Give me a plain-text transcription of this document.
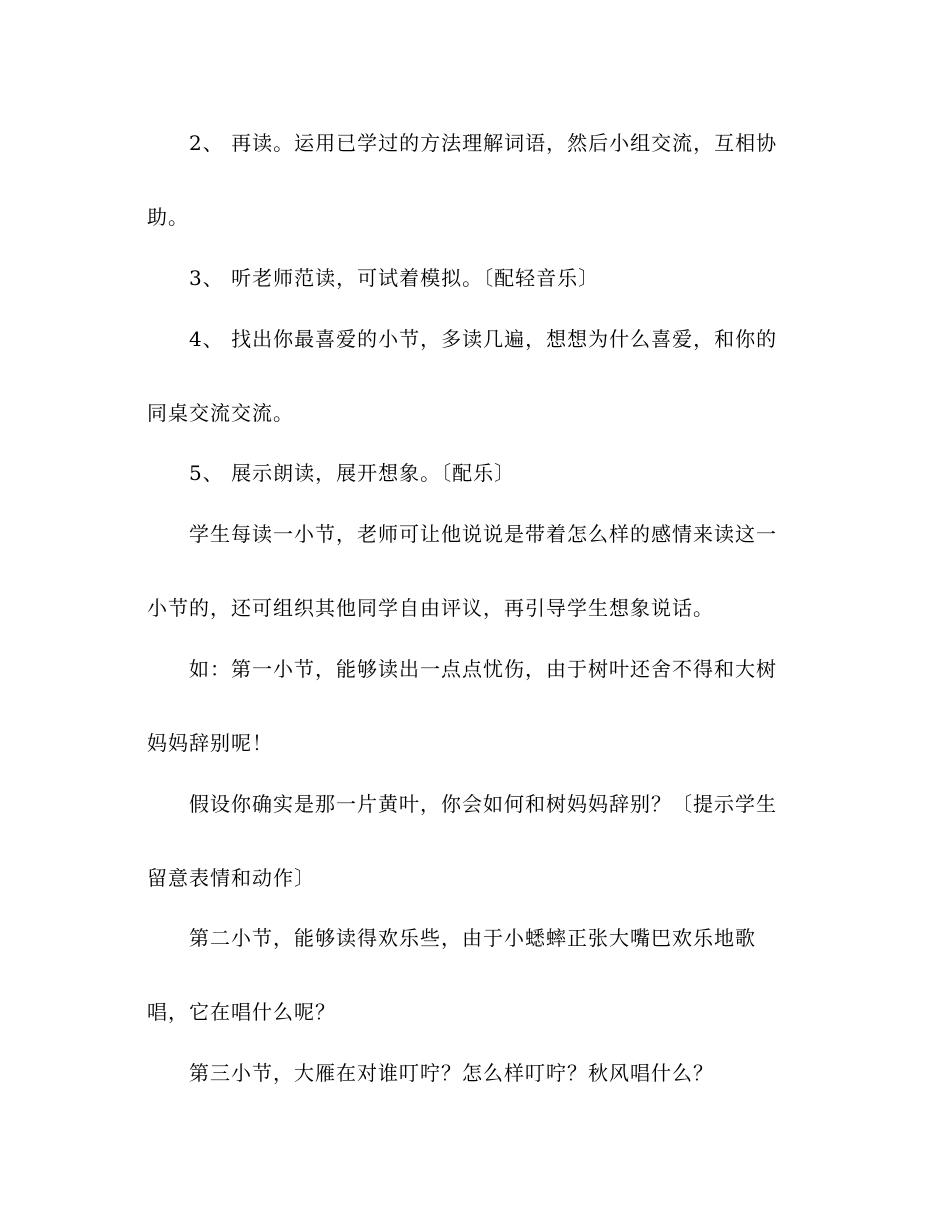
2、 再读。运用已学过的方法理解词语，然后小组交流，互相协
助。
3、 听老师范读，可试着模拟。〔配轻音乐〕
4、 找出你最喜爱的小节，多读几遍，想想为什么喜爱，和你的
同桌交流交流。
5、 展示朗读，展开想象。〔配乐〕
学生每读一小节，老师可让他说说是带着怎么样的感情来读这一
小节的，还可组织其他同学自由评议，再引导学生想象说话。
如：第一小节，能够读出一点点忧伤，由于树叶还舍不得和大树
妈妈辞别呢！
假设你确实是那一片黄叶，你会如何和树妈妈辞别？〔提示学生
留意表情和动作〕
第二小节，能够读得欢乐些，由于小蟋蟀正张大嘴巴欢乐地歌
唱，它在唱什么呢？
第三小节，大雁在对谁叮咛？怎么样叮咛？秋风唱什么？
